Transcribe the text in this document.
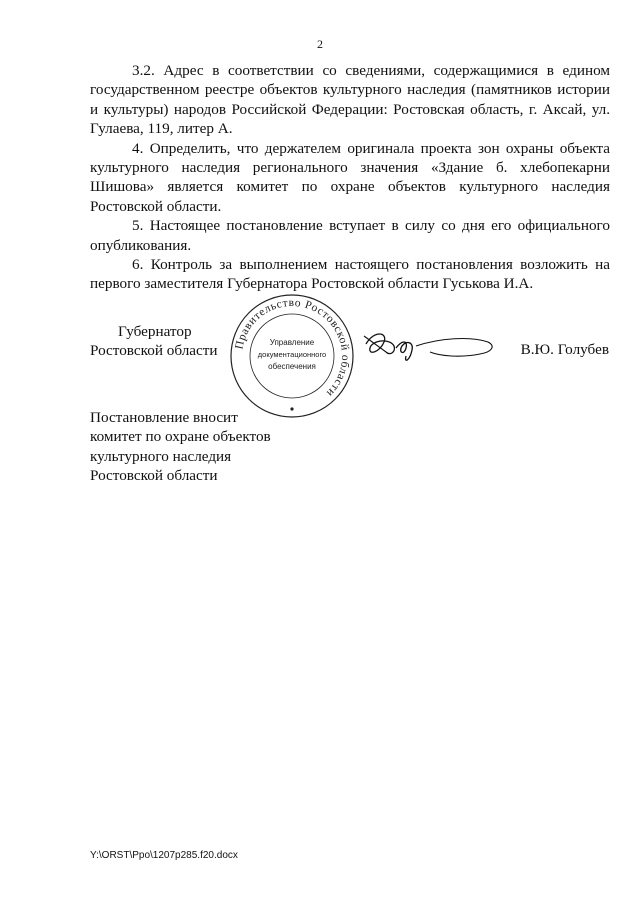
2

3.2. Адрес в соответствии со сведениями, содержащимися в едином государственном реестре объектов культурного наследия (памятников истории и культуры) народов Российской Федерации: Ростовская область, г. Аксай, ул. Гулаева, 119, литер А.

4. Определить, что держателем оригинала проекта зон охраны объекта культурного наследия регионального значения «Здание б. хлебопекарни Шишова» является комитет по охране объектов культурного наследия Ростовской области.

5. Настоящее постановление вступает в силу со дня его официального опубликования.

6. Контроль за выполнением настоящего постановления возложить на первого заместителя Губернатора Ростовской области Гуськова И.А.

Губернатор
Ростовской области Правительство Ростовской области
Управление
документационного
обеспечения
В.Ю. Голубев
Постановление вносит
комитет по охране объектов
культурного наследия
Ростовской области
Y:\ORST\Ppo\1207p285.f20.docx
